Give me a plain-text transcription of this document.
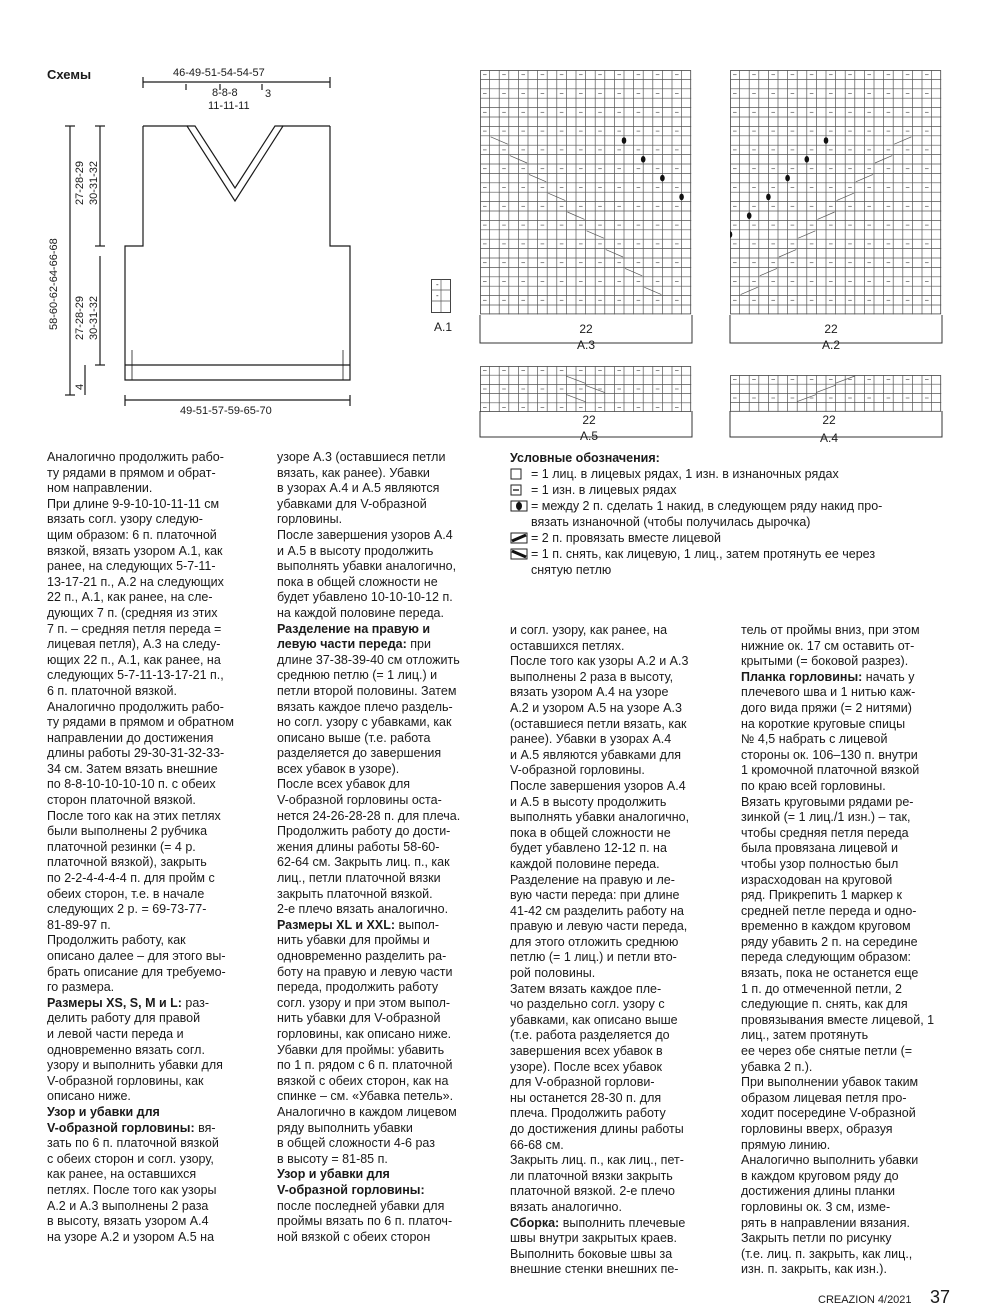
Схемы	46-49-51-54-54-57
8-8-8 3
11-11-11
58-60-62-64-66-68
27-28-29 30-31-32
27-28-29 30-31-32
4
49-51-57-59-65-70
-
-
A.1	22
A.3
22
A.2
22
A.5
22
A.4
Условные обозначения:
= 1 лиц. в лицевых рядах, 1 изн. в изнаночных рядах
= 1 изн. в лицевых рядах
= между 2 п. сделать 1 накид, в следующем ряду накид про-
вязать изнаночной (чтобы получилась дырочка)
= 2 п. провязать вместе лицевой
= 1 п. снять, как лицевую, 1 лиц., затем протянуть ее через
снятую петлю

Аналогично продолжить рабо-
ту рядами в прямом и обрат-
ном направлении.

При длине 9-9-10-10-11-11 см
вязать согл. узору следую-
щим образом: 6 п. платочной
вязкой, вязать узором А.1, как
ранее, на следующих 5-7-11-
13-17-21 п., А.2 на следующих
22 п., А.1, как ранее, на сле-
дующих 7 п. (средняя из этих
7 п. – средняя петля переда =
лицевая петля), А.3 на следу-
ющих 22 п., А.1, как ранее, на
следующих 5-7-11-13-17-21 п.,
6 п. платочной вязкой.

Аналогично продолжить рабо-
ту рядами в прямом и обратном
направлении до достижения
длины работы 29-30-31-32-33-
34 см. Затем вязать внешние
по 8-8-10-10-10-10 п. с обеих
сторон платочной вязкой.

После того как на этих петлях
были выполнены 2 рубчика
платочной резинки (= 4 р.
платочной вязкой), закрыть
по 2-2-4-4-4-4 п. для пройм с
обеих сторон, т.е. в начале
следующих 2 р. = 69-73-77-
81-89-97 п.

Продолжить работу, как
описано далее – для этого вы-
брать описание для требуемо-
го размера.

Размеры XS, S, M и L: раз-
делить работу для правой
и левой части переда и
одновременно вязать согл.
узору и выполнить убавки для
V-образной горловины, как
описано ниже.

Узор и убавки для
V-образной горловины: вя-
зать по 6 п. платочной вязкой
с обеих сторон и согл. узору,
как ранее, на оставшихся
петлях. После того как узоры
А.2 и А.3 выполнены 2 раза
в высоту, вязать узором А.4
на узоре А.2 и узором А.5 на

узоре А.3 (оставшиеся петли
вязать, как ранее). Убавки
в узорах А.4 и А.5 являются
убавками для V-образной
горловины.

После завершения узоров А.4
и А.5 в высоту продолжить
выполнять убавки аналогично,
пока в общей сложности не
будет убавлено 10-10-10-12 п.
на каждой половине переда.

Разделение на правую и
левую части переда: при
длине 37-38-39-40 см отложить
среднюю петлю (= 1 лиц.) и
петли второй половины. Затем
вязать каждое плечо раздель-
но согл. узору с убавками, как
описано выше (т.е. работа
разделяется до завершения
всех убавок в узоре).

После всех убавок для
V-образной горловины оста-
нется 24-26-28-28 п. для плеча.
Продолжить работу до дости-
жения длины работы 58-60-
62-64 см. Закрыть лиц. п., как
лиц., петли платочной вязки
закрыть платочной вязкой.
2-е плечо вязать аналогично.

Размеры XL и XXL: выпол-
нить убавки для проймы и
одновременно разделить ра-
боту на правую и левую части
переда, продолжить работу
согл. узору и при этом выпол-
нить убавки для V-образной
горловины, как описано ниже.

Убавки для проймы: убавить
по 1 п. рядом с 6 п. платочной
вязкой с обеих сторон, как на
спинке – см. «Убавка петель».
Аналогично в каждом лицевом
ряду выполнить убавки
в общей сложности 4-6 раз
в высоту = 81-85 п.

Узор и убавки для
V-образной горловины:
после последней убавки для
проймы вязать по 6 п. платоч-
ной вязкой с обеих сторон

и согл. узору, как ранее, на
оставшихся петлях.

После того как узоры А.2 и А.3
выполнены 2 раза в высоту,
вязать узором А.4 на узоре
А.2 и узором А.5 на узоре А.3
(оставшиеся петли вязать, как
ранее). Убавки в узорах А.4
и А.5 являются убавками для
V-образной горловины.

После завершения узоров А.4
и А.5 в высоту продолжить
выполнять убавки аналогично,
пока в общей сложности не
будет убавлено 12-12 п. на
каждой половине переда.

Разделение на правую и ле-
вую части переда: при длине
41-42 см разделить работу на
правую и левую части переда,
для этого отложить среднюю
петлю (= 1 лиц.) и петли вто-
рой половины.

Затем вязать каждое пле-
чо раздельно согл. узору с
убавками, как описано выше
(т.е. работа разделяется до
завершения всех убавок в
узоре). После всех убавок
для V-образной горлови-
ны останется 28-30 п. для
плеча. Продолжить работу
до достижения длины работы
66-68 см.

Закрыть лиц. п., как лиц., пет-
ли платочной вязки закрыть
платочной вязкой. 2-е плечо
вязать аналогично.

Сборка: выполнить плечевые
швы внутри закрытых краев.
Выполнить боковые швы за
внешние стенки внешних пе-

тель от проймы вниз, при этом
нижние ок. 17 см оставить от-
крытыми (= боковой разрез).

Планка горловины: начать у
плечевого шва и 1 нитью каж-
дого вида пряжи (= 2 нитями)
на короткие круговые спицы
№ 4,5 набрать с лицевой
стороны ок. 106–130 п. внутри
1 кромочной платочной вязкой
по краю всей горловины.
Вязать круговыми рядами ре-
зинкой (= 1 лиц./1 изн.) – так,
чтобы средняя петля переда
была провязана лицевой и
чтобы узор полностью был
израсходован на круговой
ряд. Прикрепить 1 маркер к
средней петле переда и одно-
временно в каждом круговом
ряду убавить 2 п. на середине
переда следующим образом:
вязать, пока не останется еще
1 п. до отмеченной петли, 2
следующие п. снять, как для
провязывания вместе лицевой, 1 лиц., затем протянуть
ее через обе снятые петли (=
убавка 2 п.).

При выполнении убавок таким
образом лицевая петля про-
ходит посередине V-образной
горловины вверх, образуя
прямую линию.

Аналогично выполнить убавки
в каждом круговом ряду до
достижения длины планки
горловины ок. 3 см, изме-
рять в направлении вязания.
Закрыть петли по рисунку
(т.е. лиц. п. закрыть, как лиц.,
изн. п. закрыть, как изн.).

CREAZION 4/2021 37
